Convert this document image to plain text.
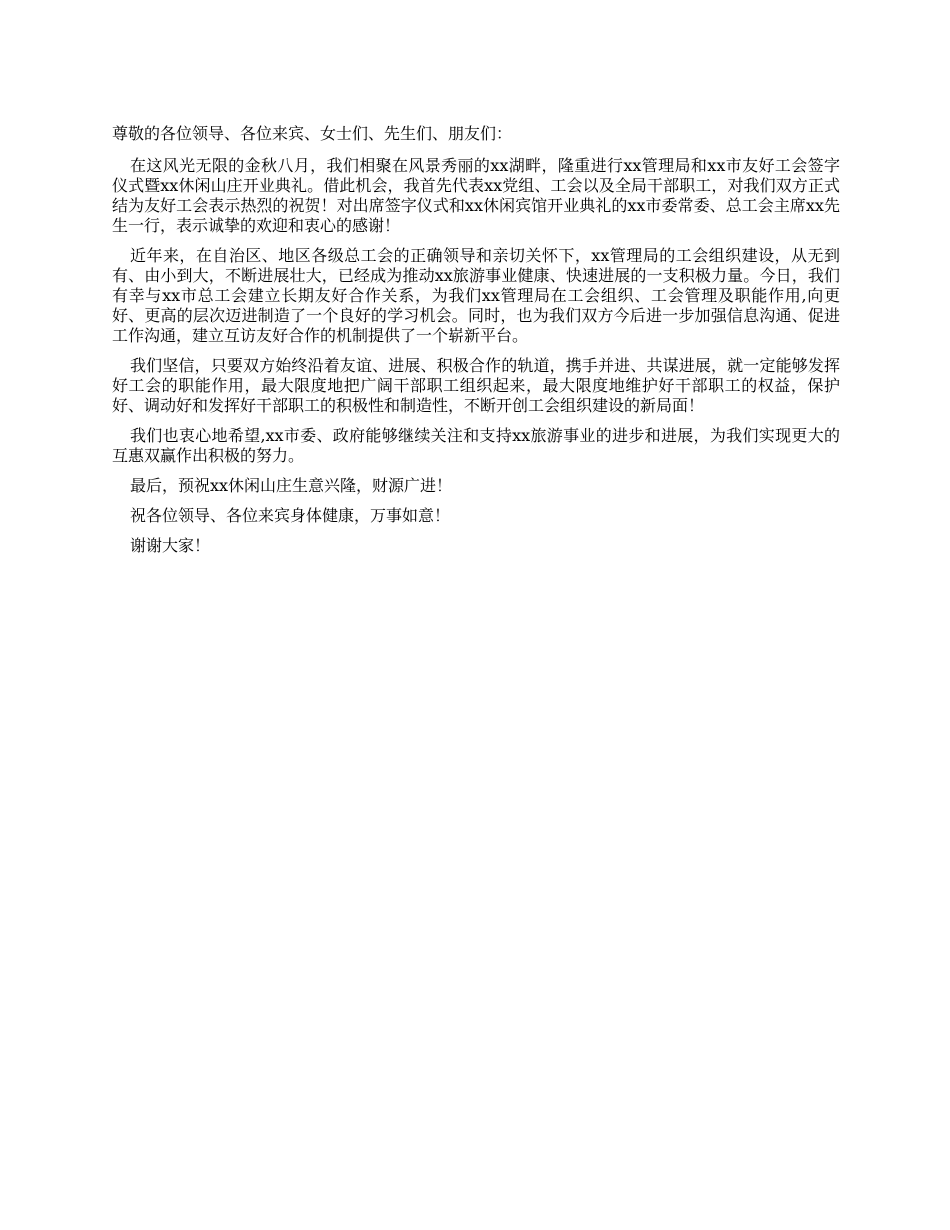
尊敬的各位领导、各位来宾、女士们、先生们、朋友们：

在这风光无限的金秋八月，我们相聚在风景秀丽的xx湖畔，隆重进行xx管理局和xx市友好工会签字仪式暨xx休闲山庄开业典礼。借此机会，我首先代表xx党组、工会以及全局干部职工，对我们双方正式结为友好工会表示热烈的祝贺！对出席签字仪式和xx休闲宾馆开业典礼的xx市委常委、总工会主席xx先生一行，表示诚挚的欢迎和衷心的感谢！

近年来，在自治区、地区各级总工会的正确领导和亲切关怀下，xx管理局的工会组织建设，从无到有、由小到大，不断进展壮大，已经成为推动xx旅游事业健康、快速进展的一支积极力量。今日，我们有幸与xx市总工会建立长期友好合作关系，为我们xx管理局在工会组织、工会管理及职能作用,向更好、更高的层次迈进制造了一个良好的学习机会。同时，也为我们双方今后进一步加强信息沟通、促进工作沟通，建立互访友好合作的机制提供了一个崭新平台。

我们坚信，只要双方始终沿着友谊、进展、积极合作的轨道，携手并进、共谋进展，就一定能够发挥好工会的职能作用，最大限度地把广阔干部职工组织起来，最大限度地维护好干部职工的权益，保护好、调动好和发挥好干部职工的积极性和制造性，不断开创工会组织建设的新局面！

我们也衷心地希望,xx市委、政府能够继续关注和支持xx旅游事业的进步和进展，为我们实现更大的互惠双赢作出积极的努力。

最后，预祝xx休闲山庄生意兴隆，财源广进！

祝各位领导、各位来宾身体健康，万事如意！

谢谢大家！
